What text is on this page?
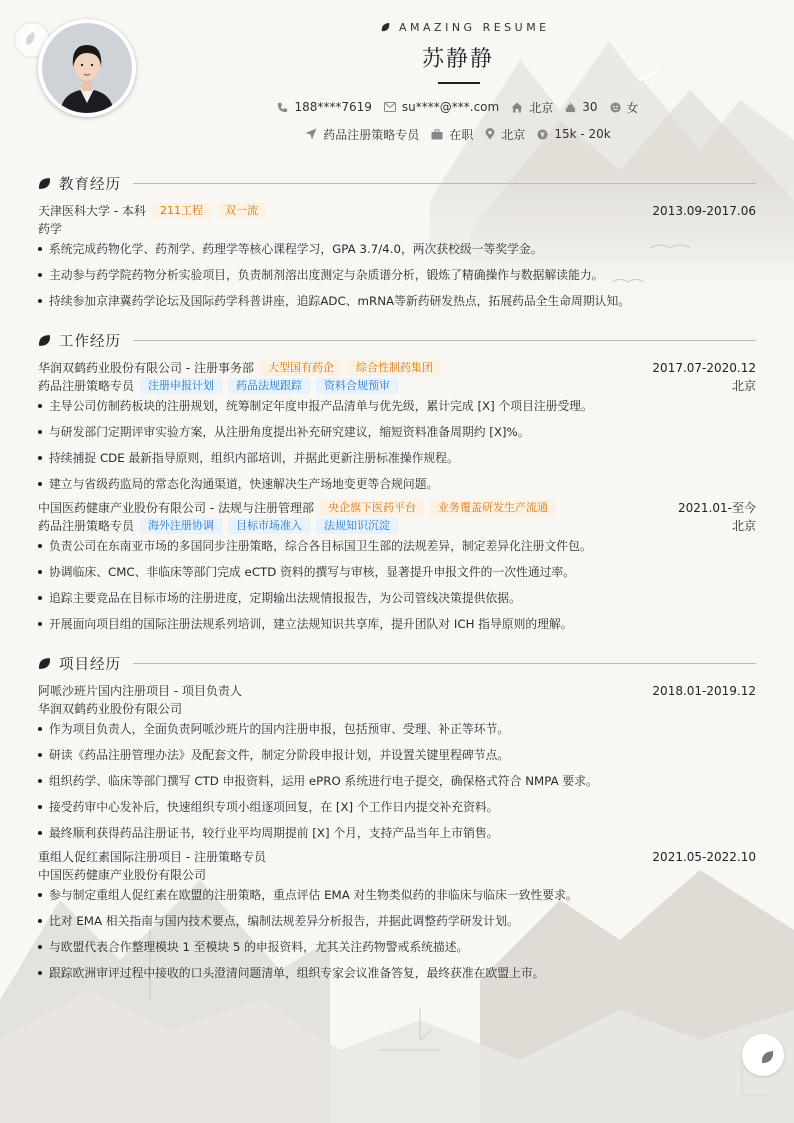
AMAZING RESUME
苏静静
188****7619	su****@***.com	北京 30 女
药品注册策略专员	在职 北京 15k - 20k
教育经历
天津医科大学 - 本科	211工程	双一流	2013.09-2017.06
药学
系统完成药物化学、药剂学、药理学等核心课程学习，GPA 3.7/4.0，两次获校级一等奖学金。
主动参与药学院药物分析实验项目，负责制剂溶出度测定与杂质谱分析，锻炼了精确操作与数据解读能力。
持续参加京津冀药学论坛及国际药学科普讲座，追踪ADC、mRNA等新药研发热点，拓展药品全生命周期认知。
工作经历
华润双鹤药业股份有限公司 - 注册事务部	大型国有药企	综合性制药集团	2017.07-2020.12
药品注册策略专员	注册申报计划	药品法规跟踪	资料合规预审	北京
主导公司仿制药板块的注册规划，统筹制定年度申报产品清单与优先级，累计完成 [X] 个项目注册受理。
与研发部门定期评审实验方案，从注册角度提出补充研究建议，缩短资料准备周期约 [X]%。
持续捕捉 CDE 最新指导原则，组织内部培训，并据此更新注册标准操作规程。
建立与省级药监局的常态化沟通渠道，快速解决生产场地变更等合规问题。
中国医药健康产业股份有限公司 - 法规与注册管理部	央企旗下医药平台	业务覆盖研发生产流通	2021.01-至今
药品注册策略专员	海外注册协调	目标市场准入	法规知识沉淀	北京
负责公司在东南亚市场的多国同步注册策略，综合各目标国卫生部的法规差异，制定差异化注册文件包。
协调临床、CMC、非临床等部门完成 eCTD 资料的撰写与审核，显著提升申报文件的一次性通过率。
追踪主要竞品在目标市场的注册进度，定期输出法规情报报告，为公司管线决策提供依据。
开展面向项目组的国际注册法规系列培训，建立法规知识共享库，提升团队对 ICH 指导原则的理解。
项目经历
阿哌沙班片国内注册项目 - 项目负责人	2018.01-2019.12
华润双鹤药业股份有限公司
作为项目负责人，全面负责阿哌沙班片的国内注册申报，包括预审、受理、补正等环节。
研读《药品注册管理办法》及配套文件，制定分阶段申报计划，并设置关键里程碑节点。
组织药学、临床等部门撰写 CTD 申报资料，运用 ePRO 系统进行电子提交，确保格式符合 NMPA 要求。
接受药审中心发补后，快速组织专项小组逐项回复，在 [X] 个工作日内提交补充资料。
最终顺利获得药品注册证书，较行业平均周期提前 [X] 个月，支持产品当年上市销售。
重组人促红素国际注册项目 - 注册策略专员	2021.05-2022.10
中国医药健康产业股份有限公司
参与制定重组人促红素在欧盟的注册策略，重点评估 EMA 对生物类似药的非临床与临床一致性要求。
比对 EMA 相关指南与国内技术要点，编制法规差异分析报告，并据此调整药学研发计划。
与欧盟代表合作整理模块 1 至模块 5 的申报资料，尤其关注药物警戒系统描述。
跟踪欧洲审评过程中接收的口头澄清问题清单，组织专家会议准备答复，最终获准在欧盟上市。
